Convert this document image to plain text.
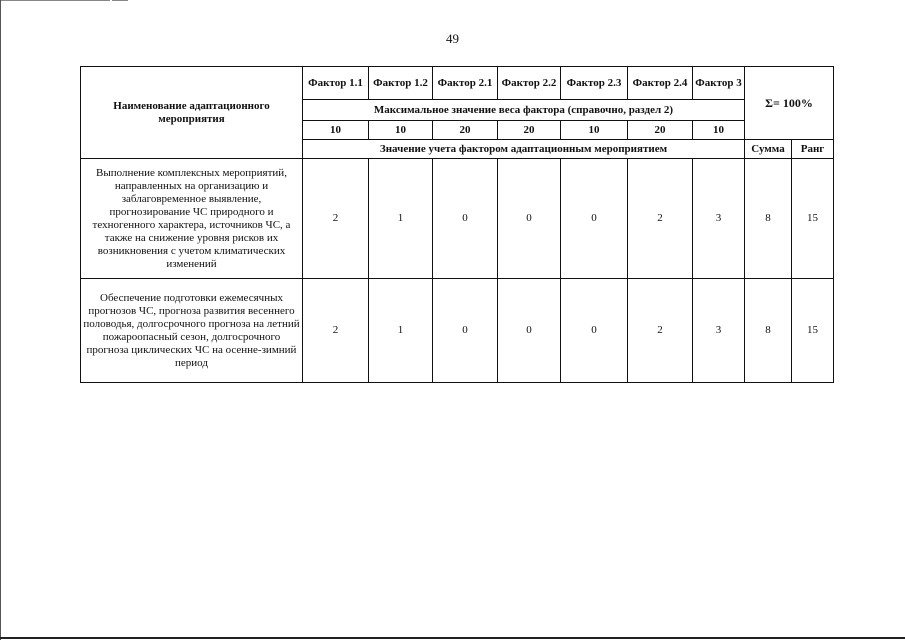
49
Наименование адаптационного мероприятия	Фактор 1.1	Фактор 1.2	Фактор 2.1	Фактор 2.2	Фактор 2.3	Фактор 2.4	Фактор 3	Σ= 100%	
	Максимальное значение веса фактора (справочно, раздел 2)								
	10	10	20	20	10	20	10		
	Значение учета фактором адаптационным мероприятием							Сумма	Ранг
Выполнение комплексных мероприятий, направленных на организацию и заблаговременное выявление, прогнозирование ЧС природного и техногенного характера, источников ЧС, а также на снижение уровня рисков их возникновения с учетом климатических изменений	2	1	0	0	0	2	3	8	15
Обеспечение подготовки ежемесячных прогнозов ЧС, прогноза развития весеннего половодья, долгосрочного прогноза на летний пожароопасный сезон, долгосрочного прогноза циклических ЧС на осенне-зимний период	2	1	0	0	0	2	3	8	15
